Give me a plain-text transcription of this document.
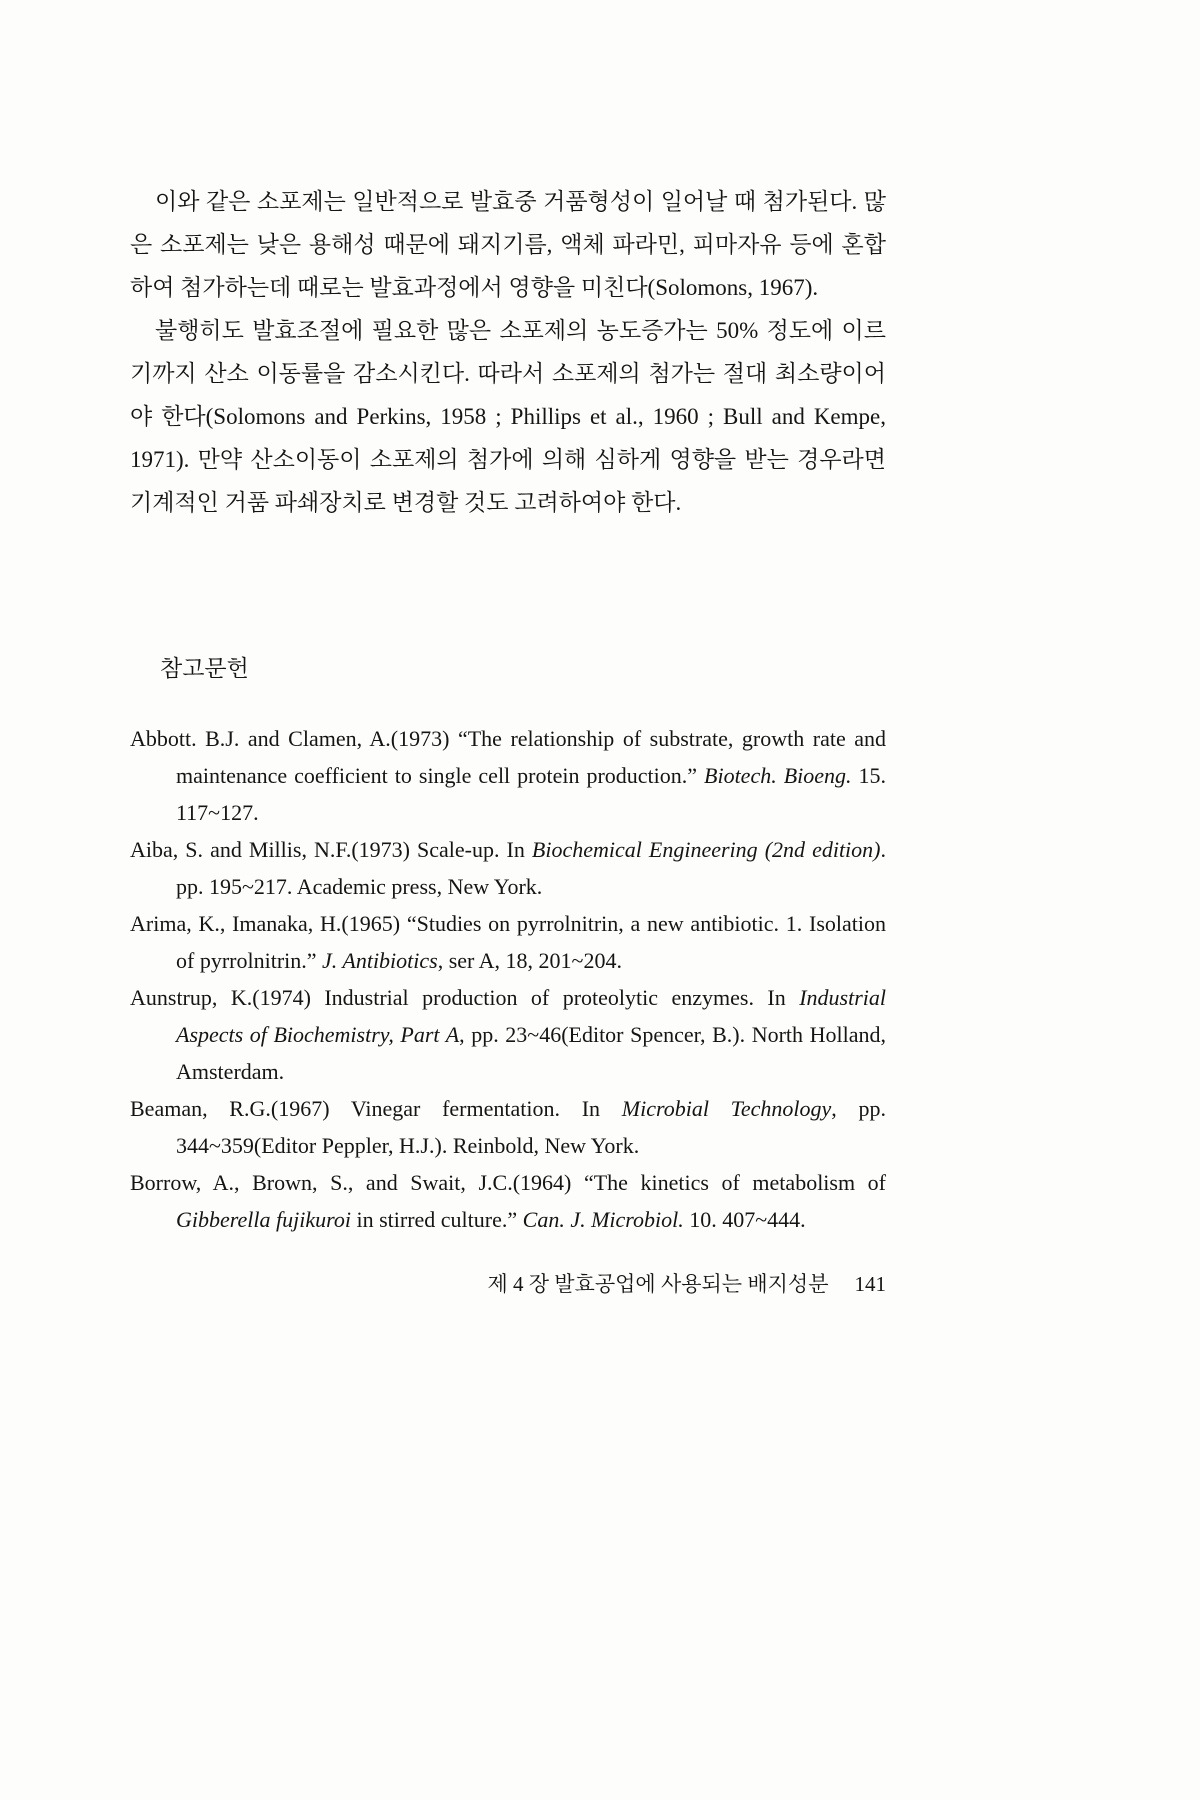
이와 같은 소포제는 일반적으로 발효중 거품형성이 일어날 때 첨가된다. 많은 소포제는 낮은 용해성 때문에 돼지기름, 액체 파라민, 피마자유 등에 혼합하여 첨가하는데 때로는 발효과정에서 영향을 미친다(Solomons, 1967).

불행히도 발효조절에 필요한 많은 소포제의 농도증가는 50% 정도에 이르기까지 산소 이동률을 감소시킨다. 따라서 소포제의 첨가는 절대 최소량이어야 한다(Solomons and Perkins, 1958 ; Phillips et al., 1960 ; Bull and Kempe, 1971). 만약 산소이동이 소포제의 첨가에 의해 심하게 영향을 받는 경우라면 기계적인 거품 파쇄장치로 변경할 것도 고려하여야 한다.

참고문헌

Abbott. B.J. and Clamen, A.(1973) “The relationship of substrate, growth rate and maintenance coefficient to single cell protein production.” Biotech. Bioeng. 15. 117~127.

Aiba, S. and Millis, N.F.(1973) Scale-up. In Biochemical Engineering (2nd edition). pp. 195~217. Academic press, New York.

Arima, K., Imanaka, H.(1965) “Studies on pyrrolnitrin, a new antibiotic. 1. Isolation of pyrrolnitrin.” J. Antibiotics, ser A, 18, 201~204.

Aunstrup, K.(1974) Industrial production of proteolytic enzymes. In Industrial Aspects of Biochemistry, Part A, pp. 23~46(Editor Spencer, B.). North Holland, Amsterdam.

Beaman, R.G.(1967) Vinegar fermentation. In Microbial Technology, pp. 344~359(Editor Peppler, H.J.). Reinbold, New York.

Borrow, A., Brown, S., and Swait, J.C.(1964) “The kinetics of metabolism of Gibberella fujikuroi in stirred culture.” Can. J. Microbiol. 10. 407~444.

제 4 장 발효공업에 사용되는 배지성분 141
